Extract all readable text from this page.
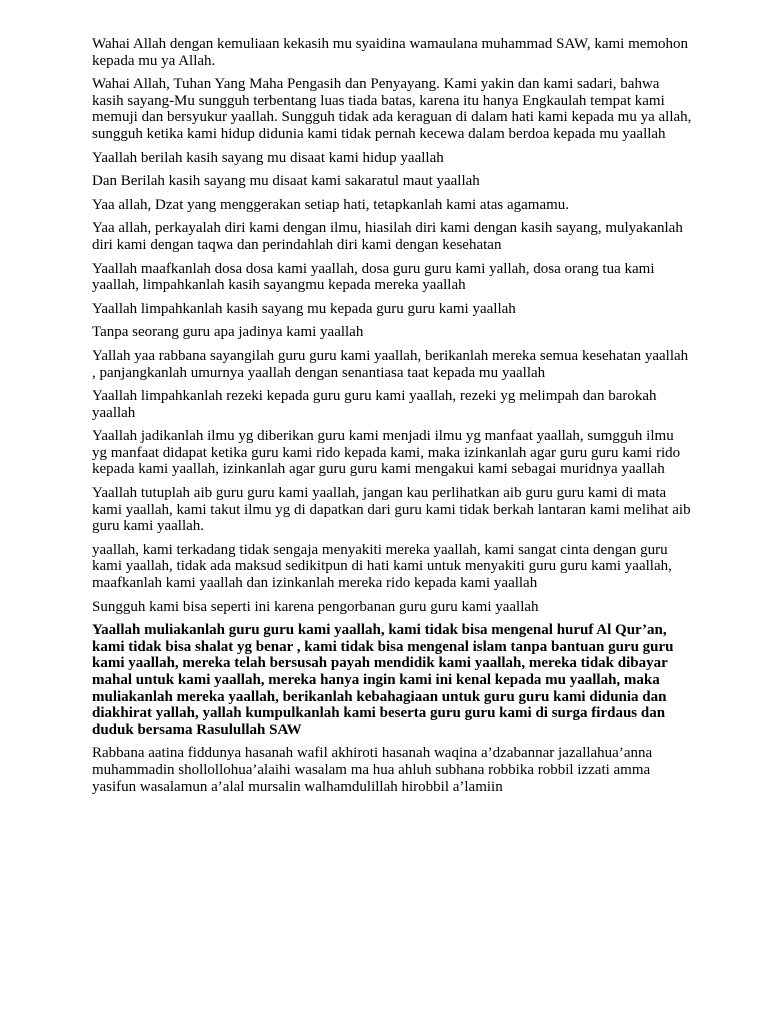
Wahai Allah dengan kemuliaan kekasih mu syaidina wamaulana muhammad SAW, kami memohon kepada mu ya Allah.

Wahai Allah, Tuhan Yang Maha Pengasih dan Penyayang. Kami yakin dan kami sadari, bahwa kasih sayang-Mu sungguh terbentang luas tiada batas, karena itu hanya Engkaulah tempat kami memuji dan bersyukur yaallah. Sungguh tidak ada keraguan di dalam hati kami kepada mu ya allah, sungguh ketika kami hidup didunia kami tidak pernah kecewa dalam berdoa kepada mu yaallah

Yaallah berilah kasih sayang mu disaat kami hidup yaallah

Dan Berilah kasih sayang mu disaat kami sakaratul maut yaallah

Yaa allah, Dzat yang menggerakan setiap hati, tetapkanlah kami atas agamamu.

Yaa allah, perkayalah diri kami dengan ilmu, hiasilah diri kami dengan kasih sayang, mulyakanlah diri kami dengan taqwa dan perindahlah diri kami dengan kesehatan

Yaallah maafkanlah dosa dosa kami yaallah, dosa guru guru kami yallah, dosa orang tua kami yaallah, limpahkanlah kasih sayangmu kepada mereka yaallah

Yaallah limpahkanlah kasih sayang mu kepada guru guru kami yaallah

Tanpa seorang guru apa jadinya kami yaallah

Yallah yaa rabbana sayangilah guru guru kami yaallah, berikanlah mereka semua kesehatan yaallah , panjangkanlah umurnya yaallah dengan senantiasa taat kepada mu yaallah

Yaallah limpahkanlah rezeki kepada guru guru kami yaallah, rezeki yg melimpah dan barokah yaallah

Yaallah jadikanlah ilmu yg diberikan guru kami menjadi ilmu yg manfaat yaallah, sumgguh ilmu yg manfaat didapat ketika guru kami rido kepada kami, maka izinkanlah agar guru guru kami rido kepada kami yaallah, izinkanlah agar guru guru kami mengakui kami sebagai muridnya yaallah

Yaallah tutuplah aib guru guru kami yaallah, jangan kau perlihatkan aib guru guru kami di mata kami yaallah, kami takut ilmu yg di dapatkan dari guru kami tidak berkah lantaran kami melihat aib guru kami yaallah.

yaallah, kami terkadang tidak sengaja menyakiti mereka yaallah, kami sangat cinta dengan guru kami yaallah, tidak ada maksud sedikitpun di hati kami untuk menyakiti guru guru kami yaallah, maafkanlah kami yaallah dan izinkanlah mereka rido kepada kami yaallah

Sungguh kami bisa seperti ini karena pengorbanan guru guru kami yaallah

Yaallah muliakanlah guru guru kami yaallah, kami tidak bisa mengenal huruf Al Qur’an, kami tidak bisa shalat yg benar , kami tidak bisa mengenal islam tanpa bantuan guru guru kami yaallah, mereka telah bersusah payah mendidik kami yaallah, mereka tidak dibayar mahal untuk kami yaallah, mereka hanya ingin kami ini kenal kepada mu yaallah, maka muliakanlah mereka yaallah, berikanlah kebahagiaan untuk guru guru kami didunia dan diakhirat yallah, yallah kumpulkanlah kami beserta guru guru kami di surga firdaus dan duduk bersama Rasulullah SAW

Rabbana aatina fiddunya hasanah wafil akhiroti hasanah waqina a’dzabannar jazallahua’anna muhammadin shollollohua’alaihi wasalam ma hua ahluh subhana robbika robbil izzati amma yasifun wasalamun a’alal mursalin walhamdulillah hirobbil a’lamiin
